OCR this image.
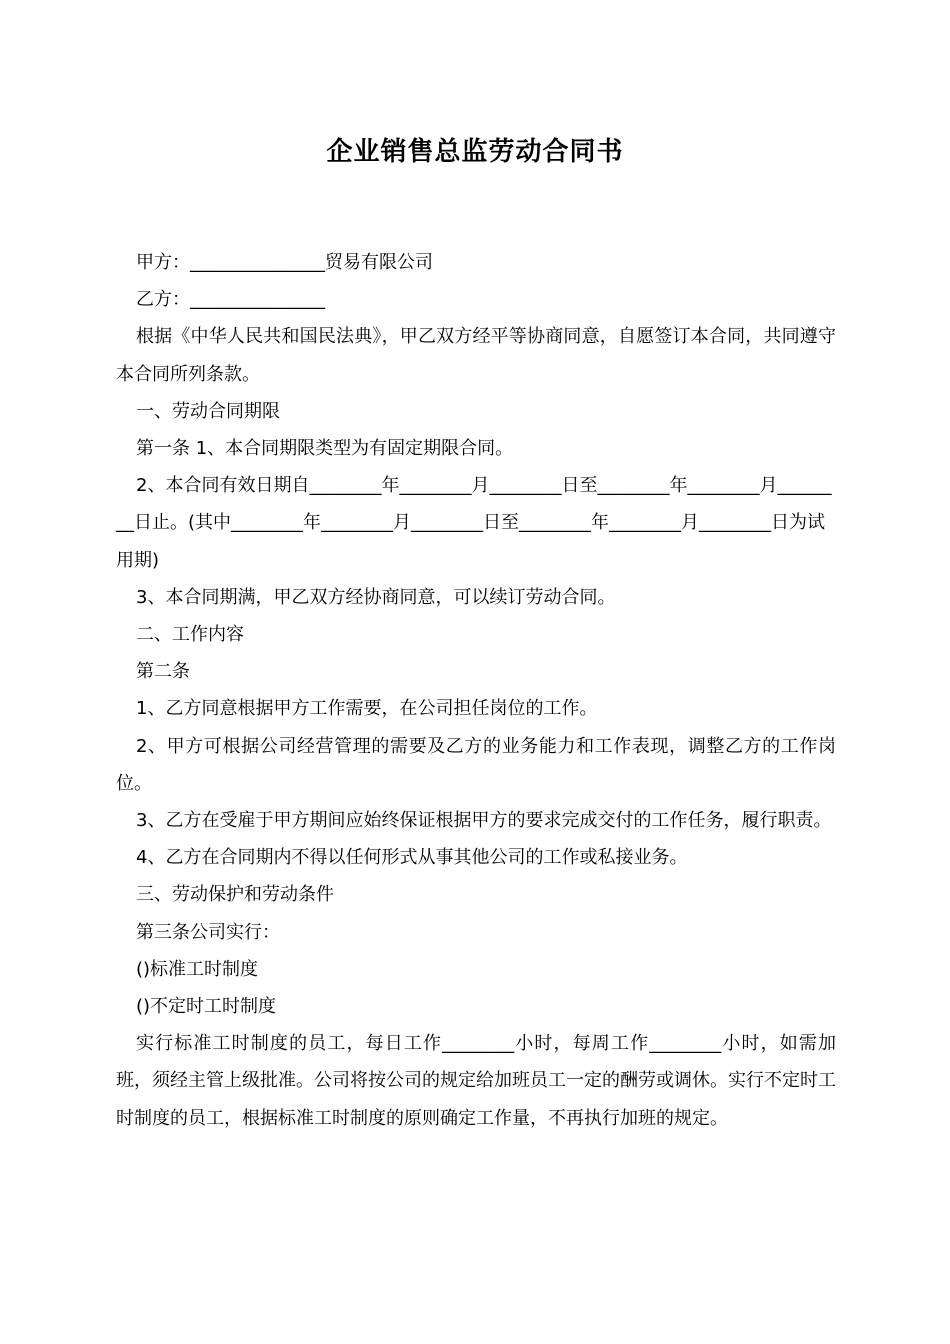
企业销售总监劳动合同书

甲方：_______________贸易有限公司

乙方：_______________

根据《中华人民共和国民法典》，甲乙双方经平等协商同意，自愿签订本合同，共同遵守本合同所列条款。

一、劳动合同期限

第一条 1、本合同期限类型为有固定期限合同。

2、本合同有效日期自________年________月________日至________年________月________日止。(其中________年________月________日至________年________月________日为试用期)

3、本合同期满，甲乙双方经协商同意，可以续订劳动合同。

二、工作内容

第二条

1、乙方同意根据甲方工作需要，在公司担任岗位的工作。

2、甲方可根据公司经营管理的需要及乙方的业务能力和工作表现，调整乙方的工作岗位。

3、乙方在受雇于甲方期间应始终保证根据甲方的要求完成交付的工作任务，履行职责。

4、乙方在合同期内不得以任何形式从事其他公司的工作或私接业务。

三、劳动保护和劳动条件

第三条公司实行：

()标准工时制度

()不定时工时制度

实行标准工时制度的员工，每日工作________小时，每周工作________小时，如需加班，须经主管上级批准。公司将按公司的规定给加班员工一定的酬劳或调休。实行不定时工时制度的员工，根据标准工时制度的原则确定工作量，不再执行加班的规定。
